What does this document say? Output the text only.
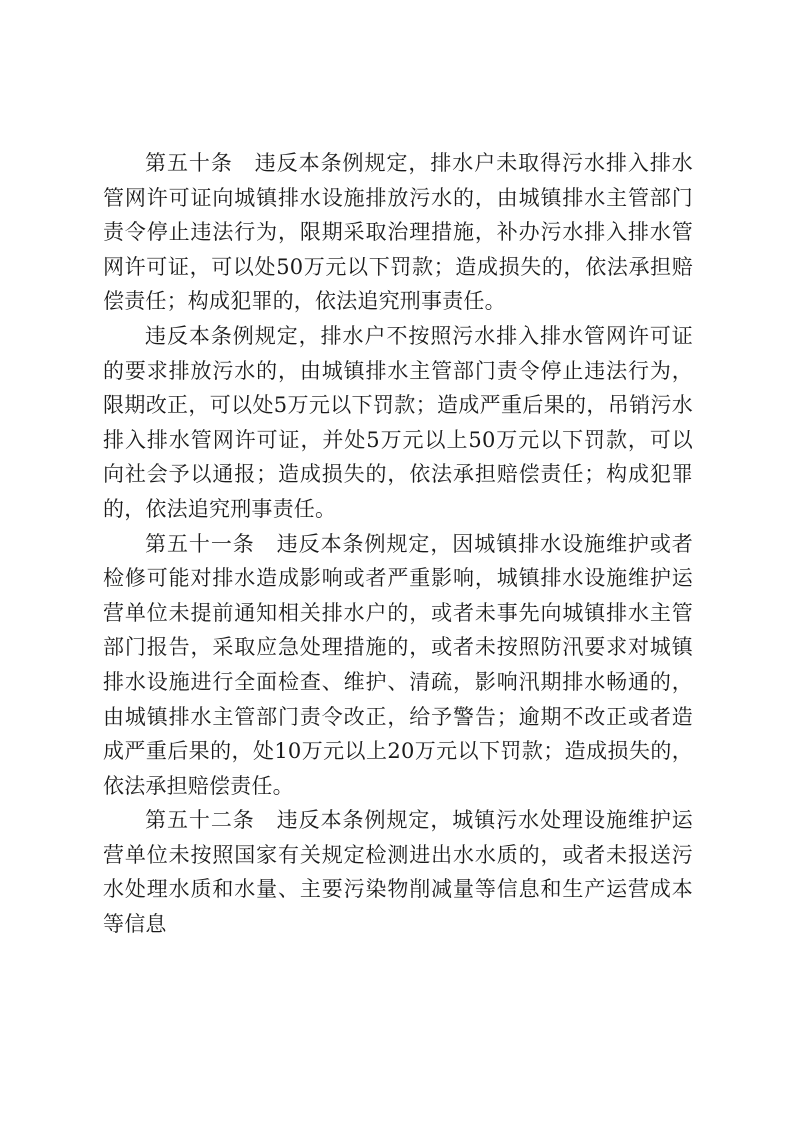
第五十条　违反本条例规定，排水户未取得污水排入排水管网许可证向城镇排水设施排放污水的，由城镇排水主管部门责令停止违法行为，限期采取治理措施，补办污水排入排水管网许可证，可以处50万元以下罚款；造成损失的，依法承担赔偿责任；构成犯罪的，依法追究刑事责任。

违反本条例规定，排水户不按照污水排入排水管网许可证的要求排放污水的，由城镇排水主管部门责令停止违法行为，限期改正，可以处5万元以下罚款；造成严重后果的，吊销污水排入排水管网许可证，并处5万元以上50万元以下罚款，可以向社会予以通报；造成损失的，依法承担赔偿责任；构成犯罪的，依法追究刑事责任。

第五十一条　违反本条例规定，因城镇排水设施维护或者检修可能对排水造成影响或者严重影响，城镇排水设施维护运营单位未提前通知相关排水户的，或者未事先向城镇排水主管部门报告，采取应急处理措施的，或者未按照防汛要求对城镇排水设施进行全面检查、维护、清疏，影响汛期排水畅通的，由城镇排水主管部门责令改正，给予警告；逾期不改正或者造成严重后果的，处10万元以上20万元以下罚款；造成损失的，依法承担赔偿责任。

第五十二条　违反本条例规定，城镇污水处理设施维护运营单位未按照国家有关规定检测进出水水质的，或者未报送污水处理水质和水量、主要污染物削减量等信息和生产运营成本等信息
